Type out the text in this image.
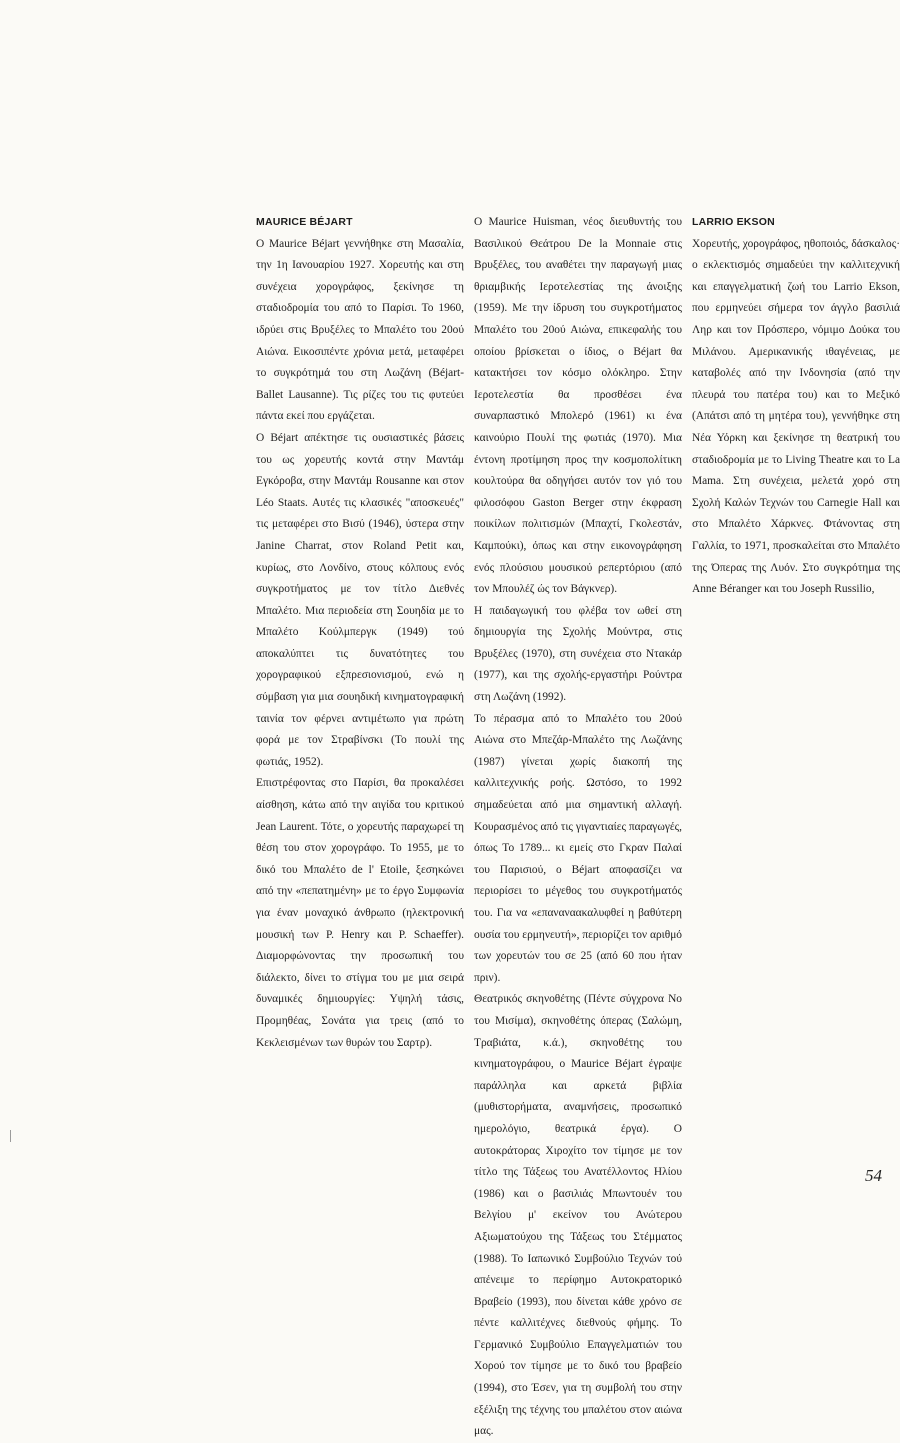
MAURICE BÉJART

Ο Maurice Béjart γεννήθηκε στη Μασαλία, την 1η Ιανουαρίου 1927. Χορευτής και στη συνέχεια χορογράφος, ξεκίνησε τη σταδιοδρομία του από το Παρίσι. Το 1960, ιδρύει στις Βρυξέλες το Μπαλέτο του 20ού Αιώνα. Εικοσιπέντε χρόνια μετά, μεταφέρει το συγκρότημά του στη Λωζάνη (Béjart-Ballet Lausanne). Τις ρίζες του τις φυτεύει πάντα εκεί που εργάζεται.

Ο Béjart απέκτησε τις ουσιαστικές βάσεις του ως χορευτής κοντά στην Μαντάμ Εγκόροβα, στην Μαντάμ Rousanne και στον Léo Staats. Αυτές τις κλασικές "αποσκευές" τις μεταφέρει στο Βισύ (1946), ύστερα στην Janine Charrat, στον Roland Petit και, κυρίως, στο Λονδίνο, στους κόλπους ενός συγκροτήματος με τον τίτλο Διεθνές Μπαλέτο. Μια περιοδεία στη Σουηδία με το Μπαλέτο Κούλμπεργκ (1949) τού αποκαλύπτει τις δυνατότητες του χορογραφικού εξπρεσιονισμού, ενώ η σύμβαση για μια σουηδική κινηματογραφική ταινία τον φέρνει αντιμέτωπο για πρώτη φορά με τον Στραβίνσκι (Το πουλί της φωτιάς, 1952).

Επιστρέφοντας στο Παρίσι, θα προκαλέσει αίσθηση, κάτω από την αιγίδα του κριτικού Jean Laurent. Τότε, ο χορευτής παραχωρεί τη θέση του στον χορογράφο. Το 1955, με το δικό του Μπαλέτο de l' Etoile, ξεσηκώνει από την «πεπατημένη» με το έργο Συμφωνία για έναν μοναχικό άνθρωπο (ηλεκτρονική μουσική των P. Henry και P. Schaeffer). Διαμορφώνοντας την προσωπική του διάλεκτο, δίνει το στίγμα του με μια σειρά δυναμικές δημιουργίες: Υψηλή τάσις, Προμηθέας, Σονάτα για τρεις (από το Κεκλεισμένων των θυρών του Σαρτρ).

Ο Maurice Huisman, νέος διευθυντής του Βασιλικού Θεάτρου De la Monnaie στις Βρυξέλες, του αναθέτει την παραγωγή μιας θριαμβικής Ιεροτελεστίας της άνοιξης (1959). Με την ίδρυση του συγκροτήματος Μπαλέτο του 20ού Αιώνα, επικεφαλής του οποίου βρίσκεται ο ίδιος, ο Béjart θα κατακτήσει τον κόσμο ολόκληρο. Στην Ιεροτελεστία θα προσθέσει ένα συναρπαστικό Μπολερό (1961) κι ένα καινούριο Πουλί της φωτιάς (1970). Μια έντονη προτίμηση προς την κοσμοπολίτικη κουλτούρα θα οδηγήσει αυτόν τον γιό του φιλοσόφου Gaston Berger στην έκφραση ποικίλων πολιτισμών (Μπαχτί, Γκολεστάν, Καμπούκι), όπως και στην εικονογράφηση ενός πλούσιου μουσικού ρεπερτόριου (από τον Μπουλέζ ώς τον Βάγκνερ).

Η παιδαγωγική του φλέβα τον ωθεί στη δημιουργία της Σχολής Μούντρα, στις Βρυξέλες (1970), στη συνέχεια στο Ντακάρ (1977), και της σχολής-εργαστήρι Ρούντρα στη Λωζάνη (1992).

Το πέρασμα από το Μπαλέτο του 20ού Αιώνα στο Μπεζάρ-Μπαλέτο της Λωζάνης (1987) γίνεται χωρίς διακοπή της καλλιτεχνικής ροής. Ωστόσο, το 1992 σημαδεύεται από μια σημαντική αλλαγή. Κουρασμένος από τις γιγαντιαίες παραγωγές, όπως Το 1789... κι εμείς στο Γκραν Παλαί του Παρισιού, ο Béjart αποφασίζει να περιορίσει το μέγεθος του συγκροτήματός του. Για να «επαναναακαλυφθεί η βαθύτερη ουσία του ερμηνευτή», περιορίζει τον αριθμό των χορευτών του σε 25 (από 60 που ήταν πριν).

Θεατρικός σκηνοθέτης (Πέντε σύγχρονα Νο του Μισίμα), σκηνοθέτης όπερας (Σαλώμη, Τραβιάτα, κ.ά.), σκηνοθέτης του κινηματογράφου, ο Maurice Béjart έγραψε παράλληλα και αρκετά βιβλία (μυθιστορήματα, αναμνήσεις, προσωπικό ημερολόγιο, θεατρικά έργα). Ο αυτοκράτορας Χιροχίτο τον τίμησε με τον τίτλο της Τάξεως του Ανατέλλοντος Ηλίου (1986) και ο βασιλιάς Μπωντουέν του Βελγίου μ' εκείνον του Ανώτερου Αξιωματούχου της Τάξεως του Στέμματος (1988). Το Ιαπωνικό Συμβούλιο Τεχνών τού απένειμε το περίφημο Αυτοκρατορικό Βραβείο (1993), που δίνεται κάθε χρόνο σε πέντε καλλιτέχνες διεθνούς φήμης. Το Γερμανικό Συμβούλιο Επαγγελματιών του Χορού τον τίμησε με το δικό του βραβείο (1994), στο Έσεν, για τη συμβολή του στην εξέλιξη της τέχνης του μπαλέτου στον αιώνα μας.

LARRIO EKSON

Χορευτής, χορογράφος, ηθοποιός, δάσκαλος· ο εκλεκτισμός σημαδεύει την καλλιτεχνική και επαγγελματική ζωή του Larrio Ekson, που ερμηνεύει σήμερα τον άγγλο βασιλιά Ληρ και τον Πρόσπερο, νόμιμο Δούκα του Μιλάνου. Αμερικανικής ιθαγένειας, με καταβολές από την Ινδονησία (από την πλευρά του πατέρα του) και το Μεξικό (Απάτσι από τη μητέρα του), γεννήθηκε στη Νέα Υόρκη και ξεκίνησε τη θεατρική του σταδιοδρομία με το Living Theatre και το La Mama. Στη συνέχεια, μελετά χορό στη Σχολή Καλών Τεχνών του Carnegie Hall και στο Μπαλέτο Χάρκνες. Φτάνοντας στη Γαλλία, το 1971, προσκαλείται στο Μπαλέτο της Όπερας της Λυόν. Στο συγκρότημα της Anne Béranger και του Joseph Russilio,

54
